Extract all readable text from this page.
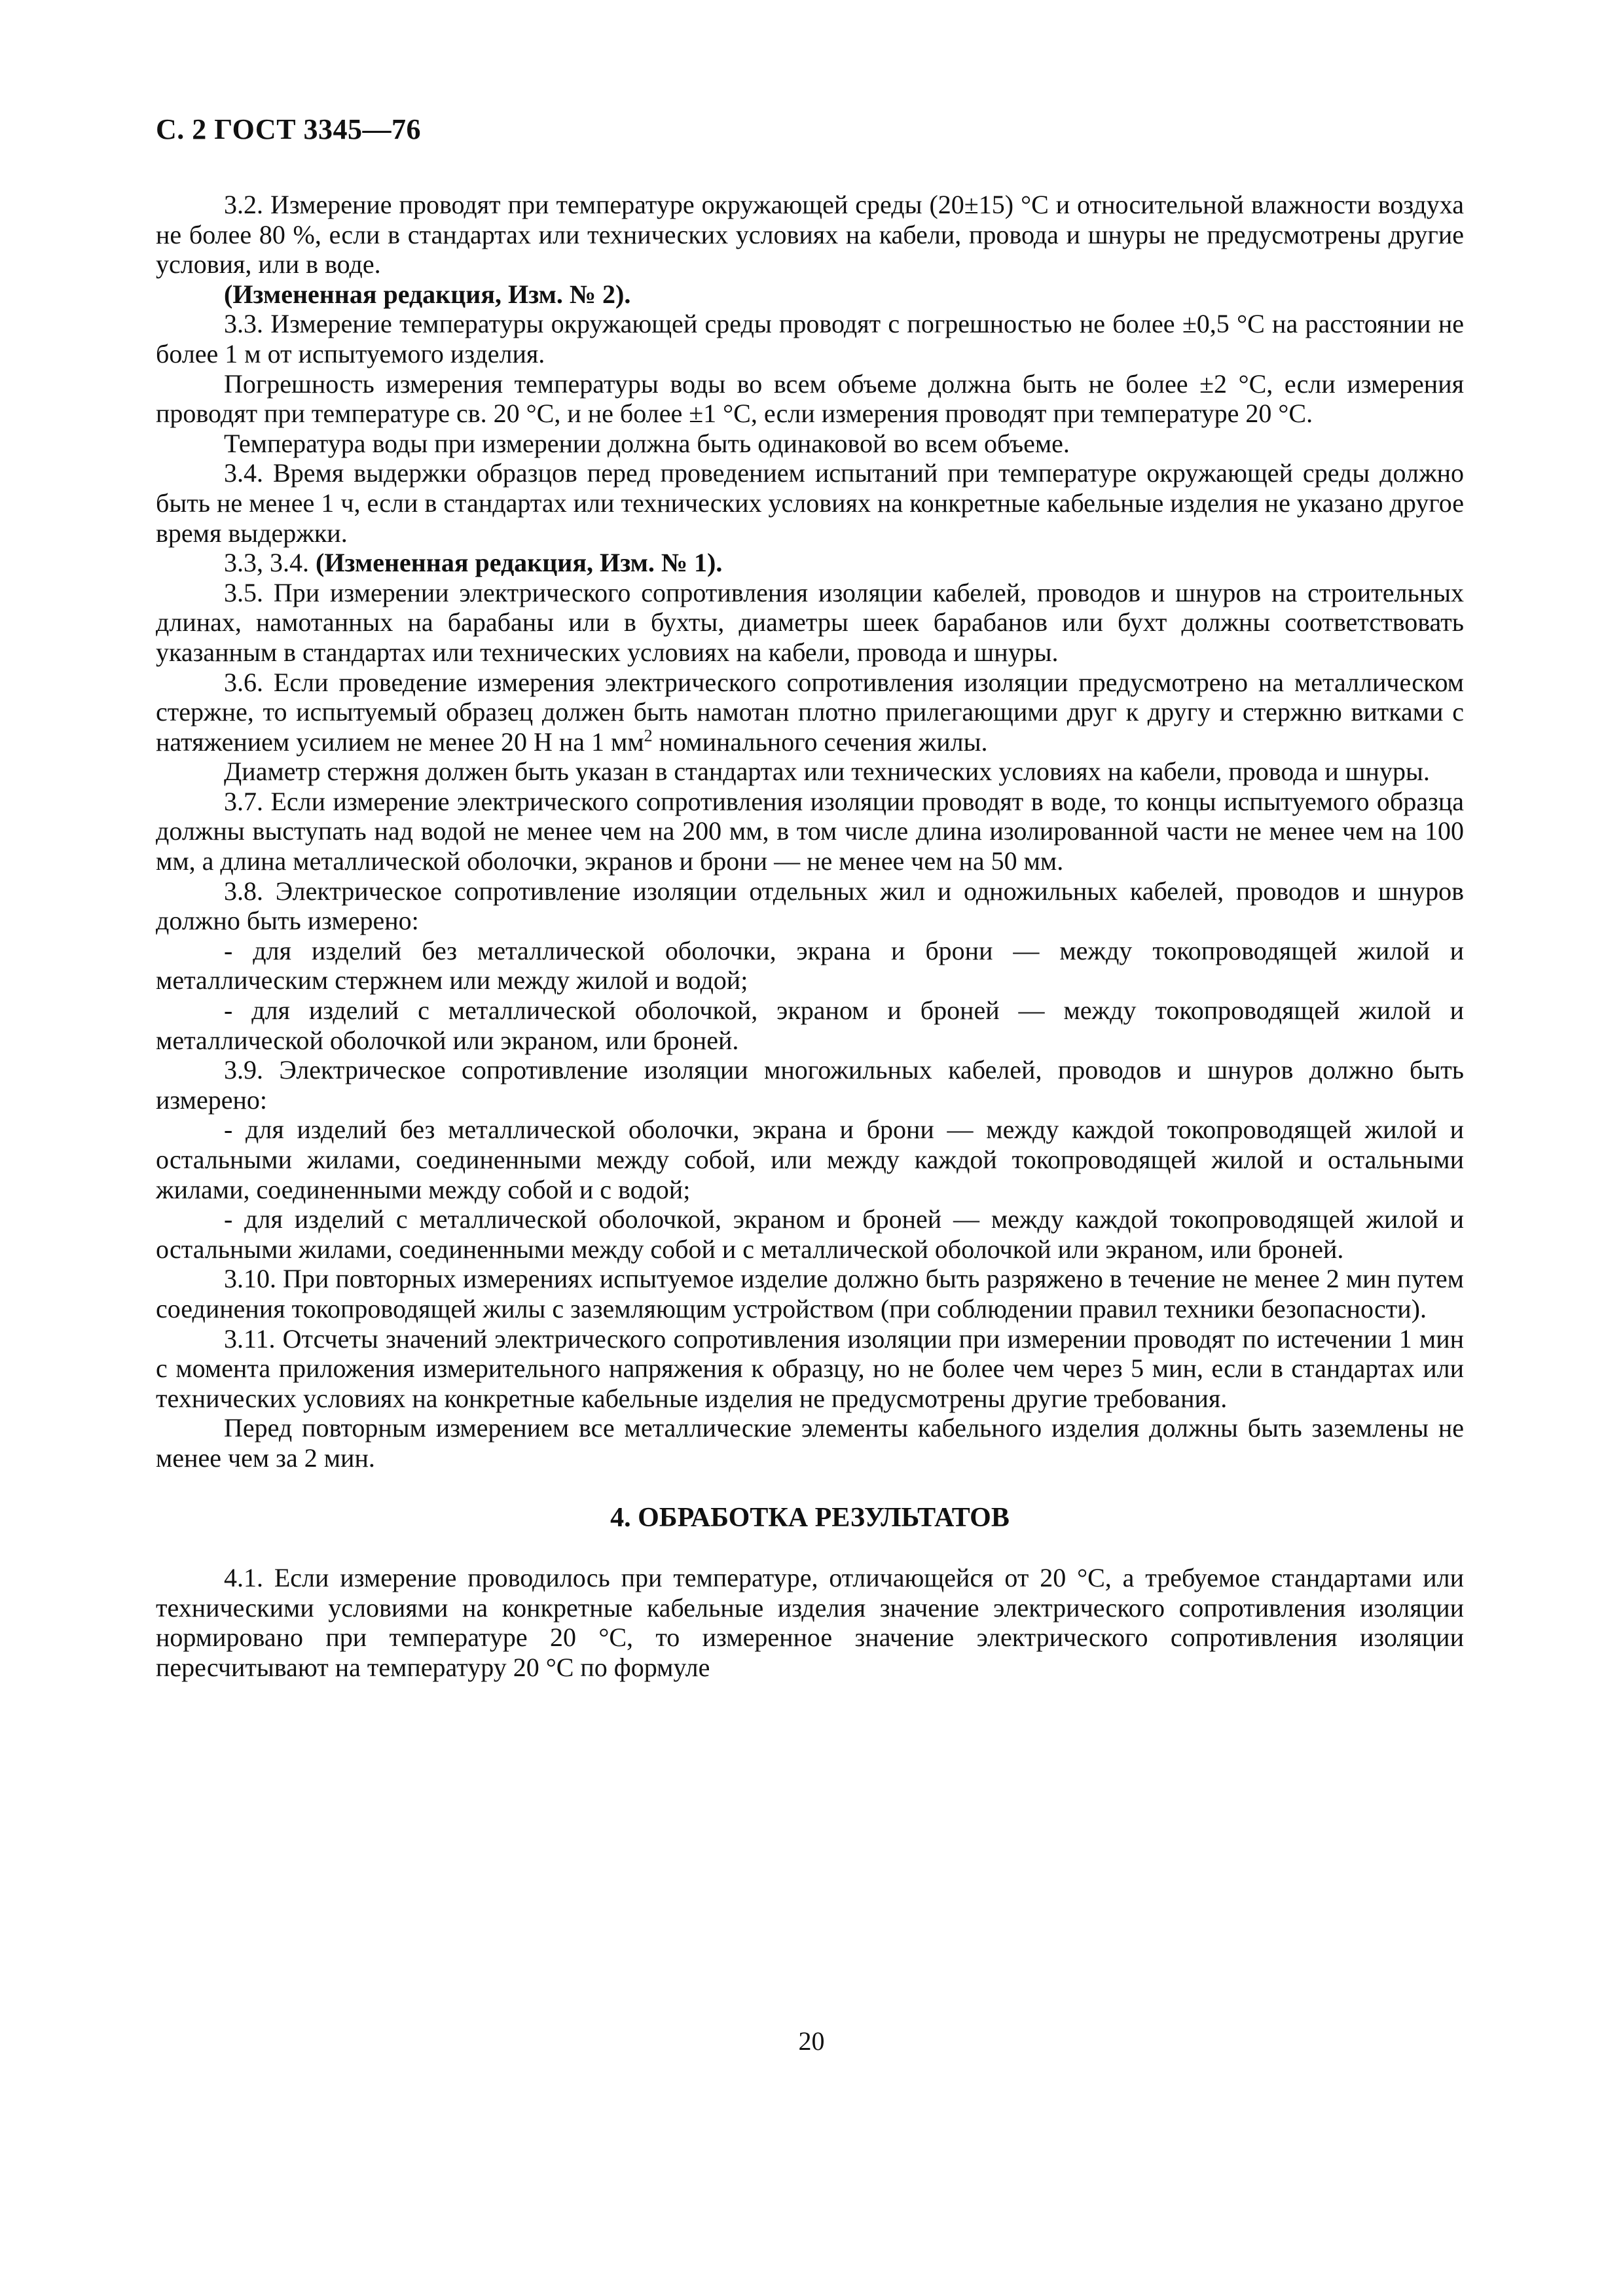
С. 2 ГОСТ 3345—76

3.2. Измерение проводят при температуре окружающей среды (20±15) °С и относительной влажности воздуха не более 80 %, если в стандартах или технических условиях на кабели, провода и шнуры не предусмотрены другие условия, или в воде.

(Измененная редакция, Изм. № 2).

3.3. Измерение температуры окружающей среды проводят с погрешностью не более ±0,5 °С на расстоянии не более 1 м от испытуемого изделия.

Погрешность измерения температуры воды во всем объеме должна быть не более ±2 °С, если измерения проводят при температуре св. 20 °С, и не более ±1 °С, если измерения проводят при температуре 20 °С.

Температура воды при измерении должна быть одинаковой во всем объеме.

3.4. Время выдержки образцов перед проведением испытаний при температуре окружающей среды должно быть не менее 1 ч, если в стандартах или технических условиях на конкретные кабельные изделия не указано другое время выдержки.

3.3, 3.4. (Измененная редакция, Изм. № 1).

3.5. При измерении электрического сопротивления изоляции кабелей, проводов и шнуров на строительных длинах, намотанных на барабаны или в бухты, диаметры шеек барабанов или бухт должны соответствовать указанным в стандартах или технических условиях на кабели, провода и шнуры.

3.6. Если проведение измерения электрического сопротивления изоляции предусмотрено на металлическом стержне, то испытуемый образец должен быть намотан плотно прилегающими друг к другу и стержню витками с натяжением усилием не менее 20 Н на 1 $мм^2$ номинального сечения жилы.

Диаметр стержня должен быть указан в стандартах или технических условиях на кабели, провода и шнуры.

3.7. Если измерение электрического сопротивления изоляции проводят в воде, то концы испытуемого образца должны выступать над водой не менее чем на 200 мм, в том числе длина изолированной части не менее чем на 100 мм, а длина металлической оболочки, экранов и брони — не менее чем на 50 мм.

3.8. Электрическое сопротивление изоляции отдельных жил и одножильных кабелей, проводов и шнуров должно быть измерено:

- для изделий без металлической оболочки, экрана и брони — между токопроводящей жилой и металлическим стержнем или между жилой и водой;

- для изделий с металлической оболочкой, экраном и броней — между токопроводящей жилой и металлической оболочкой или экраном, или броней.

3.9. Электрическое сопротивление изоляции многожильных кабелей, проводов и шнуров должно быть измерено:

- для изделий без металлической оболочки, экрана и брони — между каждой токопроводящей жилой и остальными жилами, соединенными между собой, или между каждой токопроводящей жилой и остальными жилами, соединенными между собой и с водой;

- для изделий с металлической оболочкой, экраном и броней — между каждой токопроводящей жилой и остальными жилами, соединенными между собой и с металлической оболочкой или экраном, или броней.

3.10. При повторных измерениях испытуемое изделие должно быть разряжено в течение не менее 2 мин путем соединения токопроводящей жилы с заземляющим устройством (при соблюдении правил техники безопасности).

3.11. Отсчеты значений электрического сопротивления изоляции при измерении проводят по истечении 1 мин с момента приложения измерительного напряжения к образцу, но не более чем через 5 мин, если в стандартах или технических условиях на конкретные кабельные изделия не предусмотрены другие требования.

Перед повторным измерением все металлические элементы кабельного изделия должны быть заземлены не менее чем за 2 мин.

4. ОБРАБОТКА РЕЗУЛЬТАТОВ

4.1. Если измерение проводилось при температуре, отличающейся от 20 °С, а требуемое стандартами или техническими условиями на конкретные кабельные изделия значение электрического сопротивления изоляции нормировано при температуре 20 °С, то измеренное значение электрического сопротивления изоляции пересчитывают на температуру 20 °С по формуле

20
